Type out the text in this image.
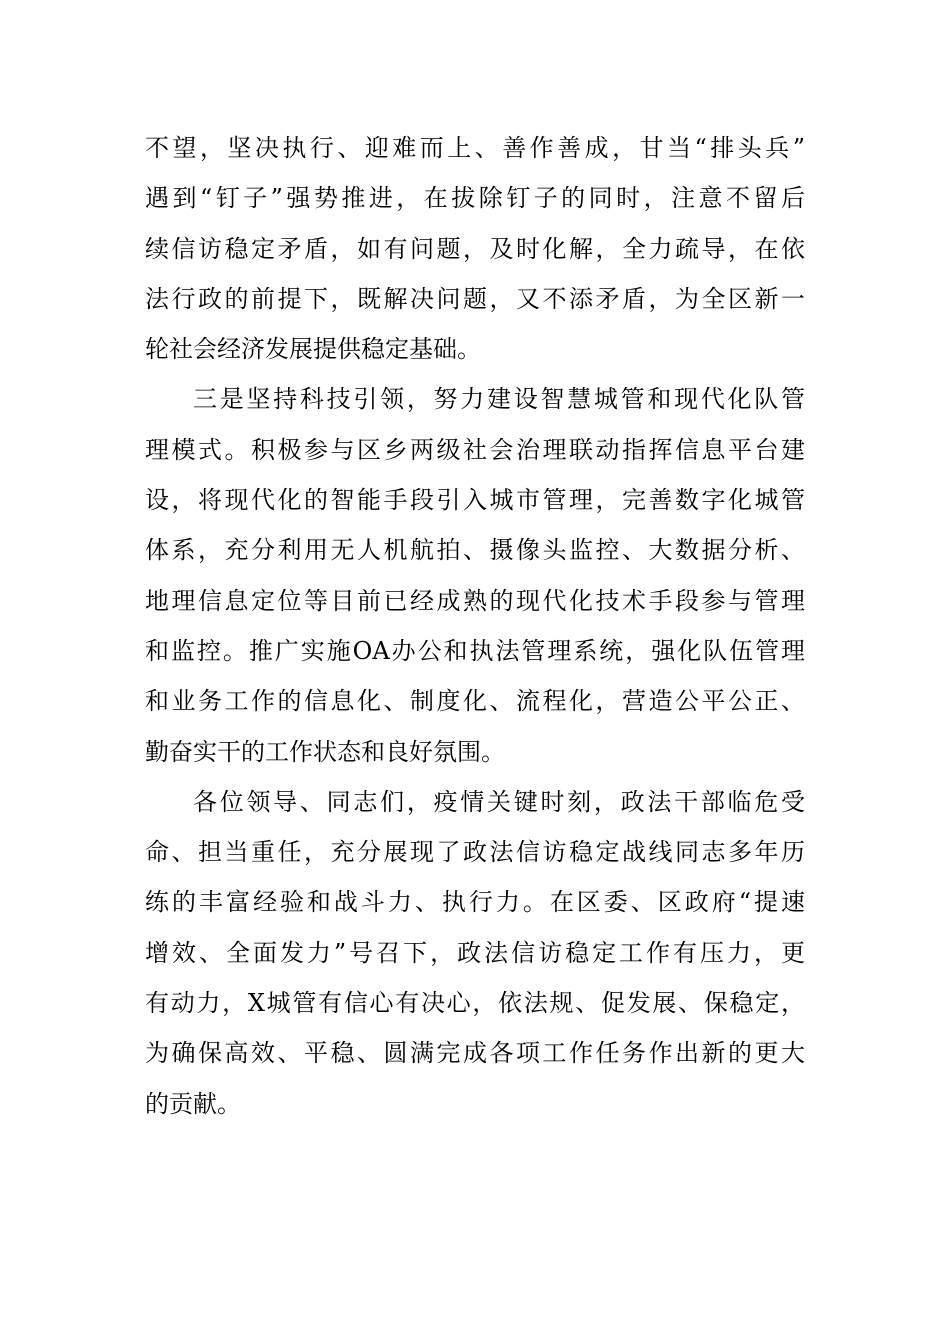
不望，坚决执行、迎难而上、善作善成，甘当“排头兵”
遇到“钉子”强势推进，在拔除钉子的同时，注意不留后
续信访稳定矛盾，如有问题，及时化解，全力疏导，在依
法行政的前提下，既解决问题，又不添矛盾，为全区新一
轮社会经济发展提供稳定基础。
三是坚持科技引领，努力建设智慧城管和现代化队管
理模式。积极参与区乡两级社会治理联动指挥信息平台建
设，将现代化的智能手段引入城市管理，完善数字化城管
体系，充分利用无人机航拍、摄像头监控、大数据分析、
地理信息定位等目前已经成熟的现代化技术手段参与管理
和监控。推广实施OA办公和执法管理系统，强化队伍管理
和业务工作的信息化、制度化、流程化，营造公平公正、
勤奋实干的工作状态和良好氛围。
各位领导、同志们，疫情关键时刻，政法干部临危受
命、担当重任，充分展现了政法信访稳定战线同志多年历
练的丰富经验和战斗力、执行力。在区委、区政府“提速
增效、全面发力”号召下，政法信访稳定工作有压力，更
有动力，X城管有信心有决心，依法规、促发展、保稳定，
为确保高效、平稳、圆满完成各项工作任务作出新的更大
的贡献。
